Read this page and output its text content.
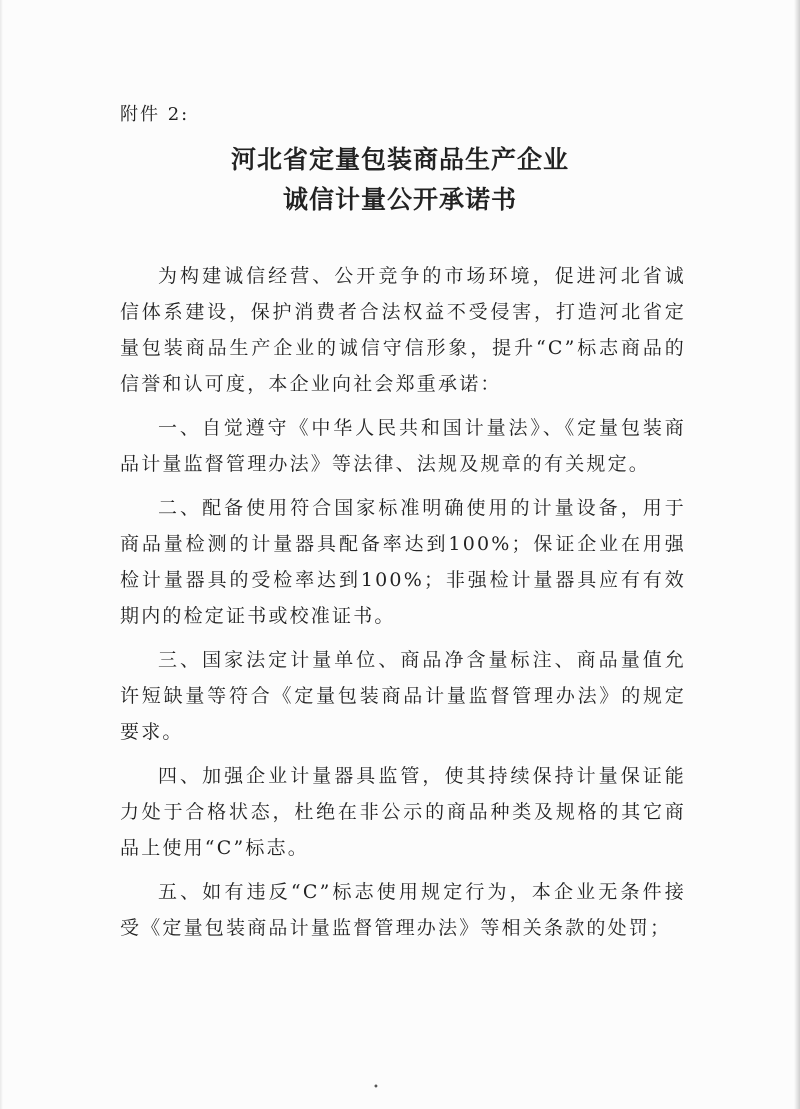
附件 2:
河北省定量包装商品生产企业
诚信计量公开承诺书

为构建诚信经营、公开竞争的市场环境，促进河北省诚信体系建设，保护消费者合法权益不受侵害，打造河北省定量包装商品生产企业的诚信守信形象，提升“C”标志商品的信誉和认可度，本企业向社会郑重承诺：

一、自觉遵守《中华人民共和国计量法》、《定量包装商品计量监督管理办法》等法律、法规及规章的有关规定。

二、配备使用符合国家标准明确使用的计量设备，用于商品量检测的计量器具配备率达到100%；保证企业在用强检计量器具的受检率达到100%；非强检计量器具应有有效期内的检定证书或校准证书。

三、国家法定计量单位、商品净含量标注、商品量值允许短缺量等符合《定量包装商品计量监督管理办法》的规定要求。

四、加强企业计量器具监管，使其持续保持计量保证能力处于合格状态，杜绝在非公示的商品种类及规格的其它商品上使用“C”标志。

五、如有违反“C”标志使用规定行为，本企业无条件接受《定量包装商品计量监督管理办法》等相关条款的处罚；

•
